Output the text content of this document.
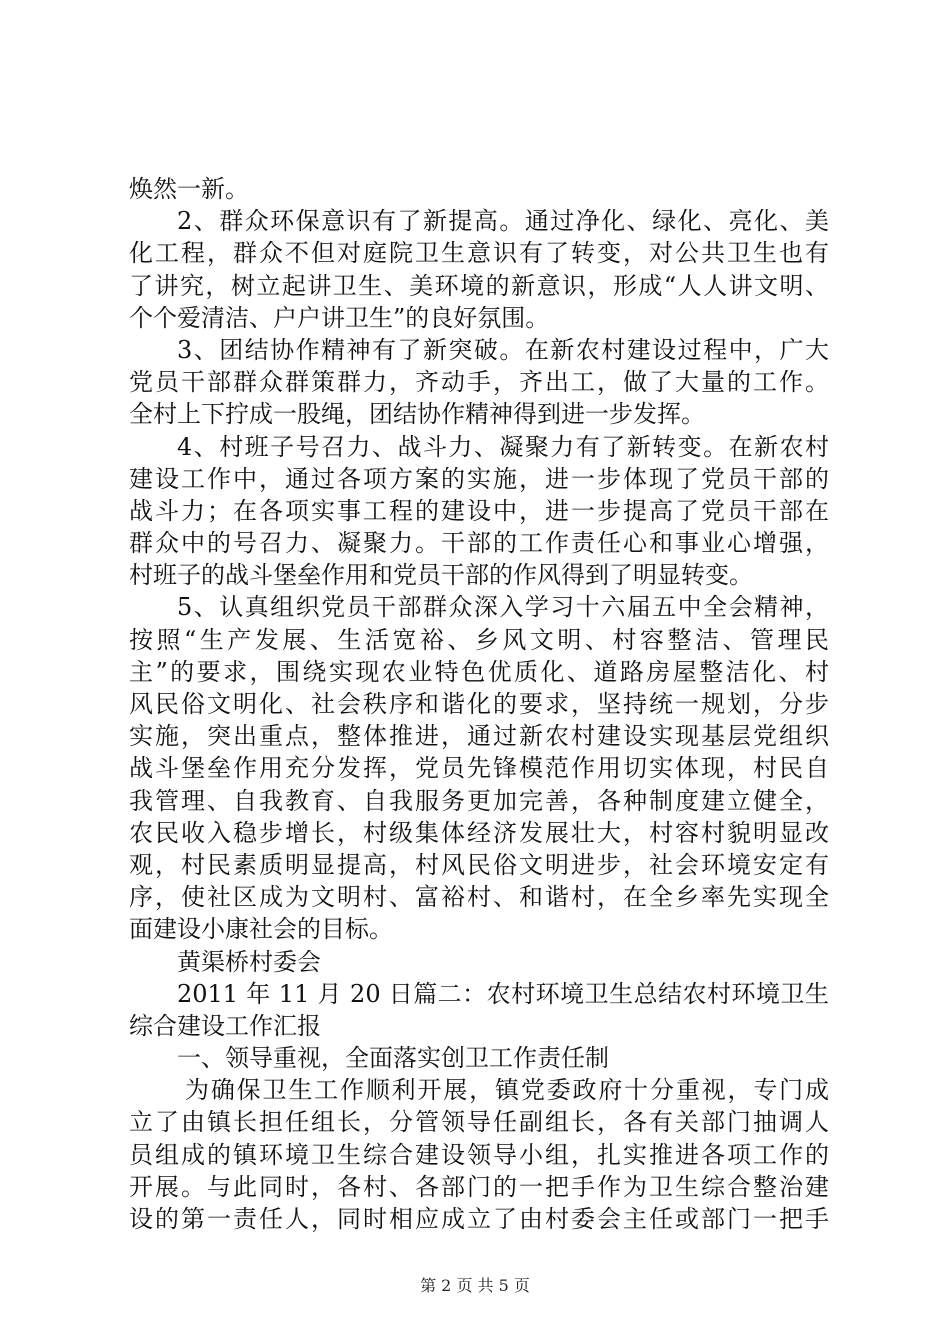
焕然一新。
2、群众环保意识有了新提高。通过净化、绿化、亮化、美
化工程，群众不但对庭院卫生意识有了转变，对公共卫生也有
了讲究，树立起讲卫生、美环境的新意识，形成“人人讲文明、
个个爱清洁、户户讲卫生”的良好氛围。
3、团结协作精神有了新突破。在新农村建设过程中，广大
党员干部群众群策群力，齐动手，齐出工，做了大量的工作。
全村上下拧成一股绳，团结协作精神得到进一步发挥。
4、村班子号召力、战斗力、凝聚力有了新转变。在新农村
建设工作中，通过各项方案的实施，进一步体现了党员干部的
战斗力；在各项实事工程的建设中，进一步提高了党员干部在
群众中的号召力、凝聚力。干部的工作责任心和事业心增强，
村班子的战斗堡垒作用和党员干部的作风得到了明显转变。
5、认真组织党员干部群众深入学习十六届五中全会精神，
按照“生产发展、生活宽裕、乡风文明、村容整洁、管理民
主”的要求，围绕实现农业特色优质化、道路房屋整洁化、村
风民俗文明化、社会秩序和谐化的要求，坚持统一规划，分步
实施，突出重点，整体推进，通过新农村建设实现基层党组织
战斗堡垒作用充分发挥，党员先锋模范作用切实体现，村民自
我管理、自我教育、自我服务更加完善，各种制度建立健全，
农民收入稳步增长，村级集体经济发展壮大，村容村貌明显改
观，村民素质明显提高，村风民俗文明进步，社会环境安定有
序，使社区成为文明村、富裕村、和谐村，在全乡率先实现全
面建设小康社会的目标。
黄渠桥村委会
2011 年 11 月 20 日篇二：农村环境卫生总结农村环境卫生
综合建设工作汇报
一、领导重视，全面落实创卫工作责任制
为确保卫生工作顺利开展，镇党委政府十分重视，专门成
立了由镇长担任组长，分管领导任副组长，各有关部门抽调人
员组成的镇环境卫生综合建设领导小组，扎实推进各项工作的
开展。与此同时，各村、各部门的一把手作为卫生综合整治建
设的第一责任人，同时相应成立了由村委会主任或部门一把手
第 2 页 共 5 页
